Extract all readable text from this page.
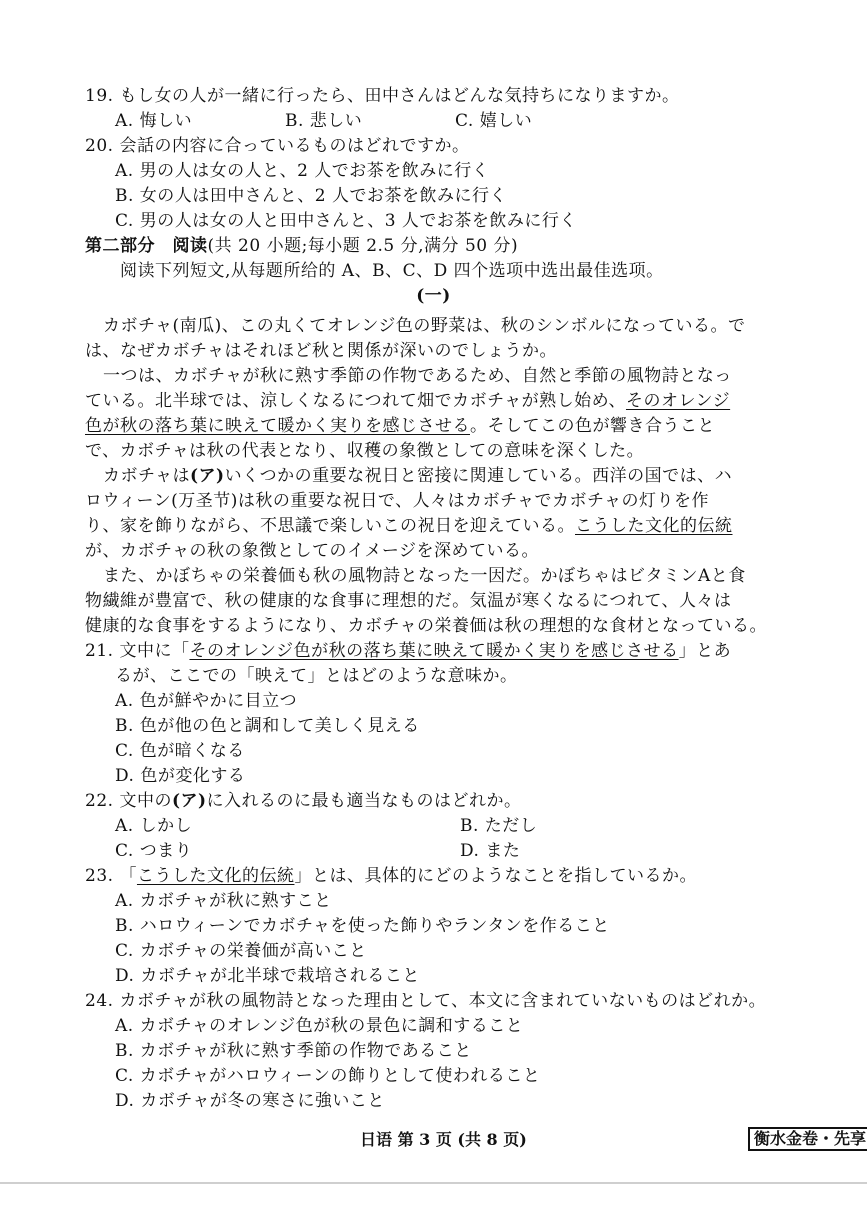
19. もし女の人が一緒に行ったら、田中さんはどんな気持ちになりますか。
A. 悔しい	B. 悲しい	C. 嬉しい
20. 会話の内容に合っているものはどれですか。
A. 男の人は女の人と、2 人でお茶を飲みに行く
B. 女の人は田中さんと、2 人でお茶を飲みに行く
C. 男の人は女の人と田中さんと、3 人でお茶を飲みに行く
第二部分　阅读(共 20 小题;每小题 2.5 分,满分 50 分)
阅读下列短文,从每题所给的 A、B、C、D 四个选项中选出最佳选项。
(一)
カボチャ(南瓜)、この丸くてオレンジ色の野菜は、秋のシンボルになっている。で
は、なぜカボチャはそれほど秋と関係が深いのでしょうか。
一つは、カボチャが秋に熟す季節の作物であるため、自然と季節の風物詩となっ
ている。北半球では、涼しくなるにつれて畑でカボチャが熟し始め、そのオレンジ
色が秋の落ち葉に映えて暖かく実りを感じさせる。そしてこの色が響き合うこと
で、カボチャは秋の代表となり、収穫の象徴としての意味を深くした。
カボチャは(ア)いくつかの重要な祝日と密接に関連している。西洋の国では、ハ
ロウィーン(万圣节)は秋の重要な祝日で、人々はカボチャでカボチャの灯りを作
り、家を飾りながら、不思議で楽しいこの祝日を迎えている。こうした文化的伝統
が、カボチャの秋の象徴としてのイメージを深めている。
また、かぼちゃの栄養価も秋の風物詩となった一因だ。かぼちゃはビタミンAと食
物繊維が豊富で、秋の健康的な食事に理想的だ。気温が寒くなるにつれて、人々は
健康的な食事をするようになり、カボチャの栄養価は秋の理想的な食材となっている。
21. 文中に「そのオレンジ色が秋の落ち葉に映えて暖かく実りを感じさせる」とあ
るが、ここでの「映えて」とはどのような意味か。
A. 色が鮮やかに目立つ
B. 色が他の色と調和して美しく見える
C. 色が暗くなる
D. 色が変化する
22. 文中の(ア)に入れるのに最も適当なものはどれか。
A. しかし	B. ただし
C. つまり	D. また
23. 「こうした文化的伝統」とは、具体的にどのようなことを指しているか。
A. カボチャが秋に熟すこと
B. ハロウィーンでカボチャを使った飾りやランタンを作ること
C. カボチャの栄養価が高いこと
D. カボチャが北半球で栽培されること
24. カボチャが秋の風物詩となった理由として、本文に含まれていないものはどれか。
A. カボチャのオレンジ色が秋の景色に調和すること
B. カボチャが秋に熟す季節の作物であること
C. カボチャがハロウィーンの飾りとして使われること
D. カボチャが冬の寒さに強いこと
日语 第 3 页 (共 8 页)	衡水金卷・先享
